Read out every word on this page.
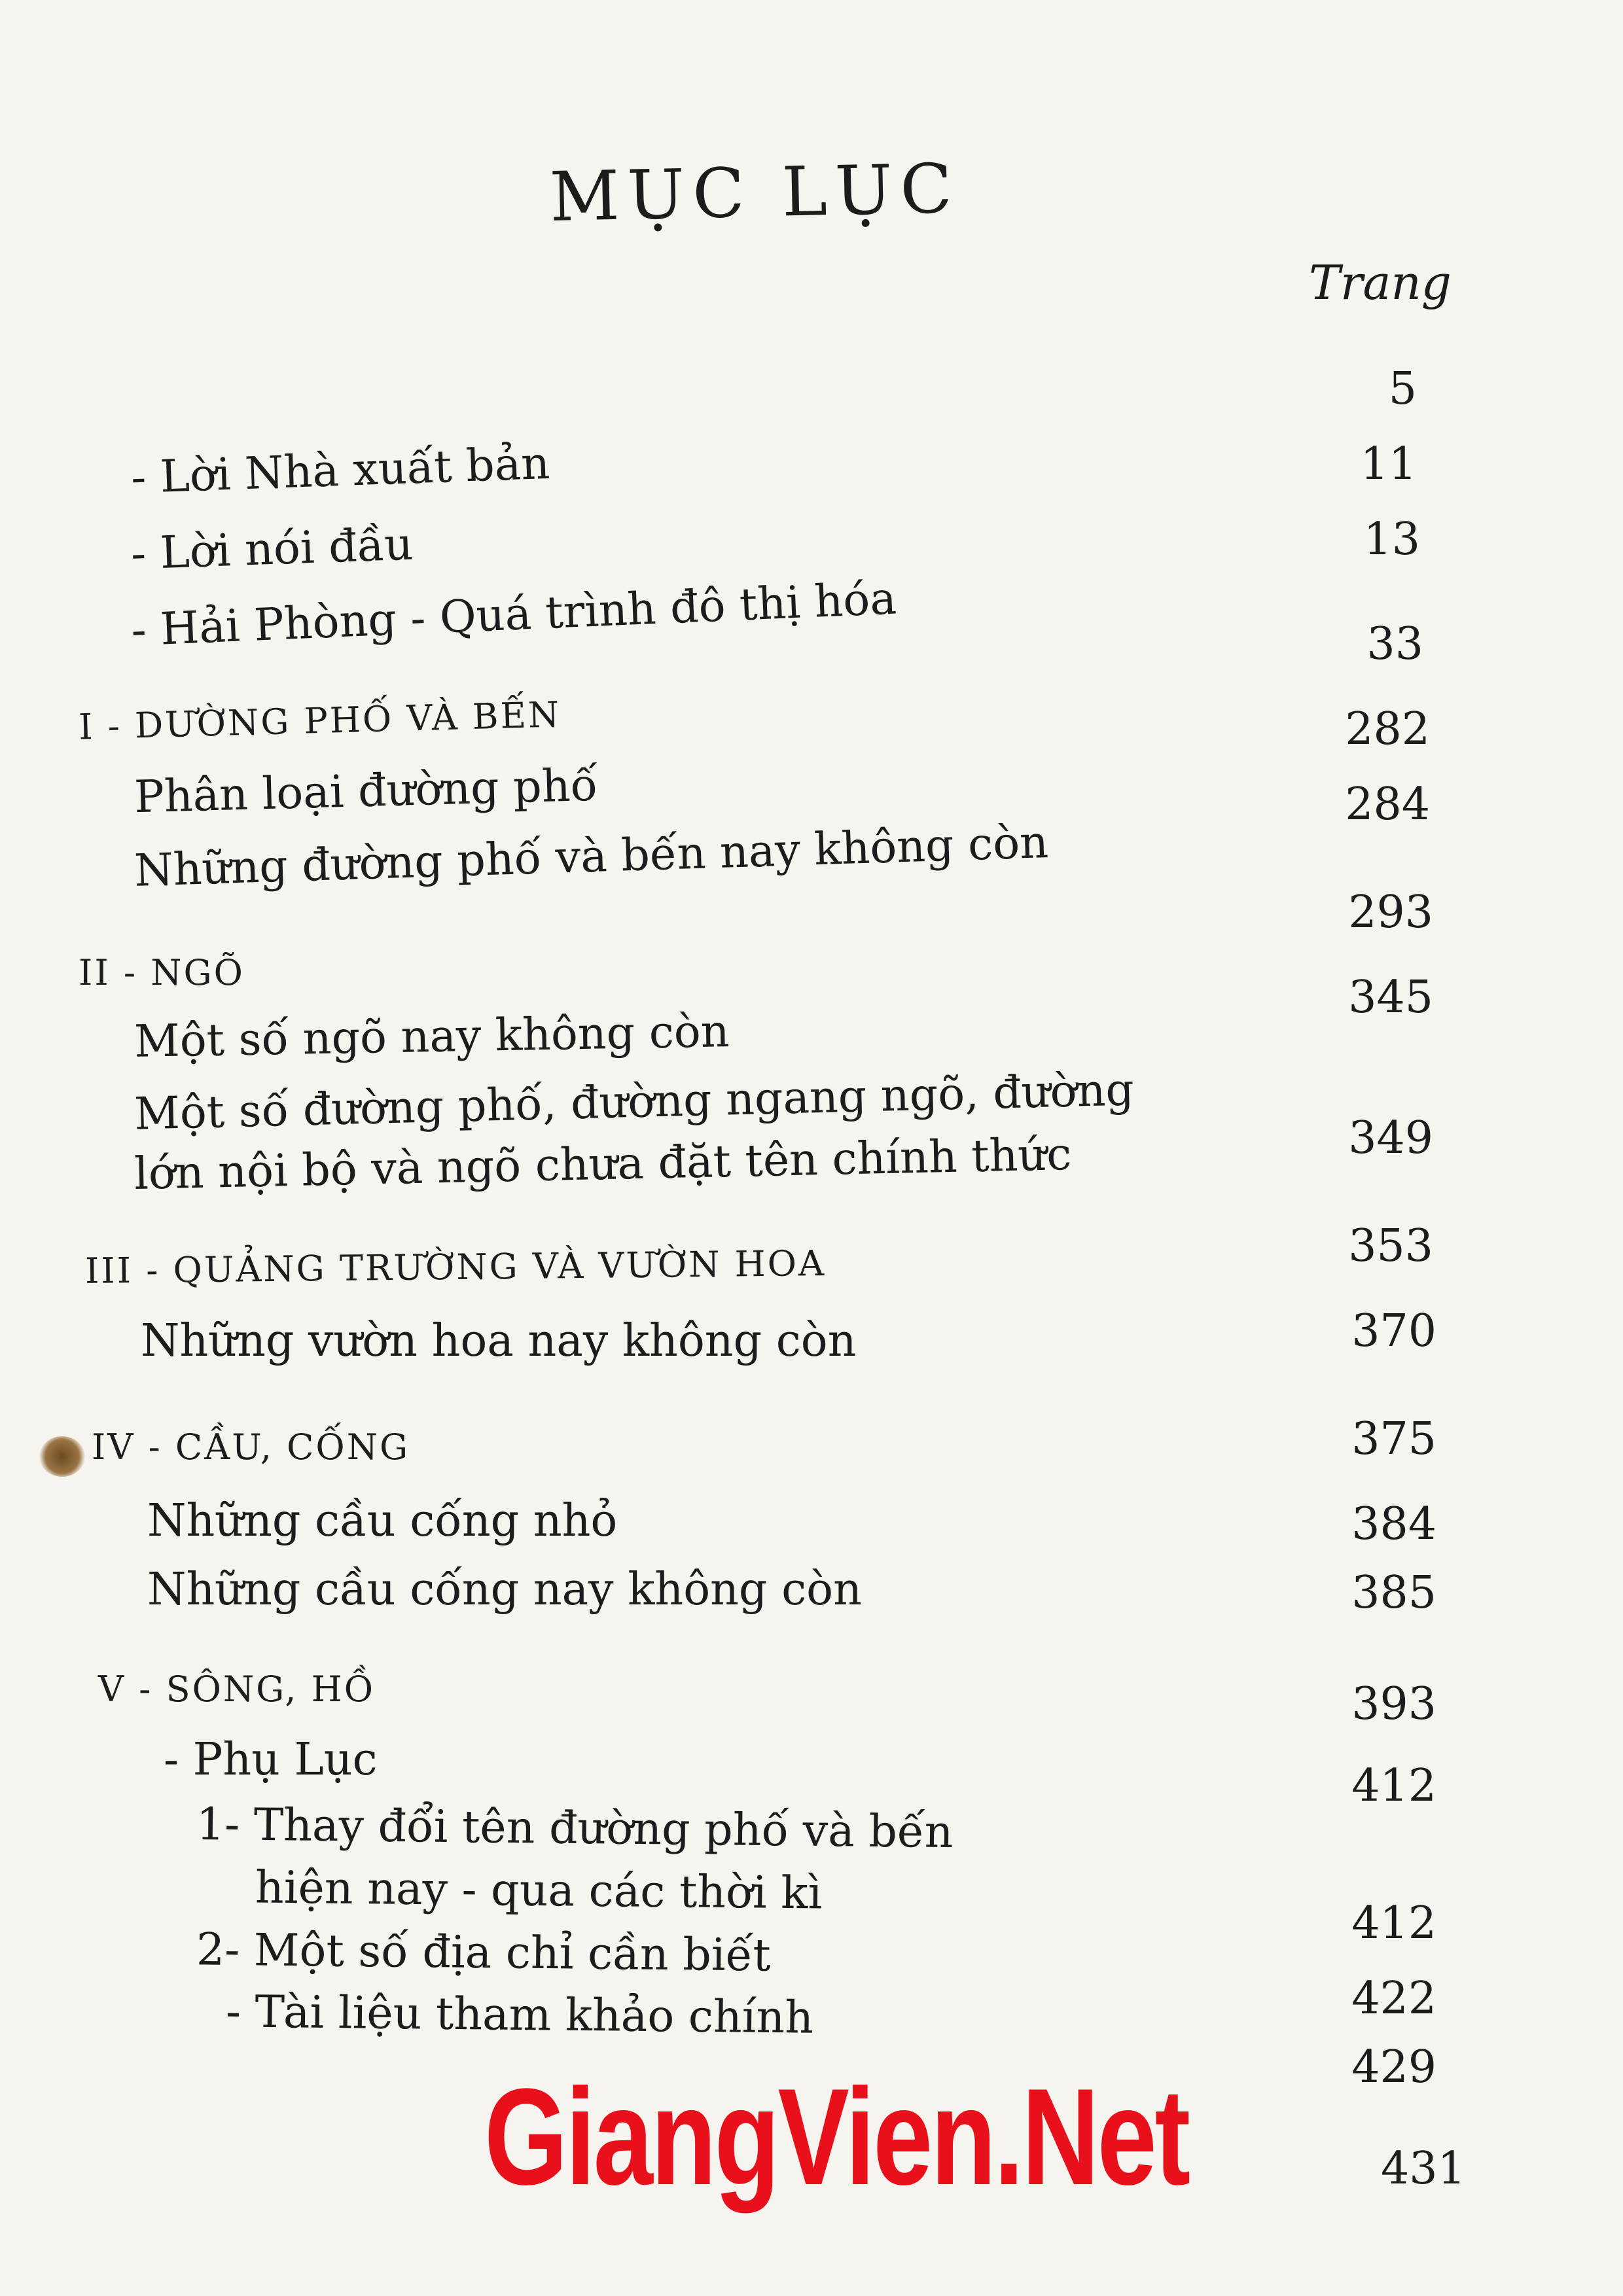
MỤC LỤC
Trang
- Lời Nhà xuất bản
- Lời nói đầu
- Hải Phòng - Quá trình đô thị hóa
I - DƯỜNG PHỐ VÀ BẾN
Phân loại đường phố
Những đường phố và bến nay không còn
II - NGÕ
Một số ngõ nay không còn
Một số đường phố, đường ngang ngõ, đường
lớn nội bộ và ngõ chưa đặt tên chính thức
III - QUẢNG TRƯỜNG VÀ VƯỜN HOA
Những vườn hoa nay không còn
IV - CẦU, CỐNG
Những cầu cống nhỏ
Những cầu cống nay không còn
V - SÔNG, HỒ
- Phụ Lục
1- Thay đổi tên đường phố và bến
hiện nay - qua các thời kì
2- Một số địa chỉ cần biết
- Tài liệu tham khảo chính
5
11
13
33
282
284
293
345
349
353
370
375
384
385
393
412
412
422
429
431
GiangVien.Net
